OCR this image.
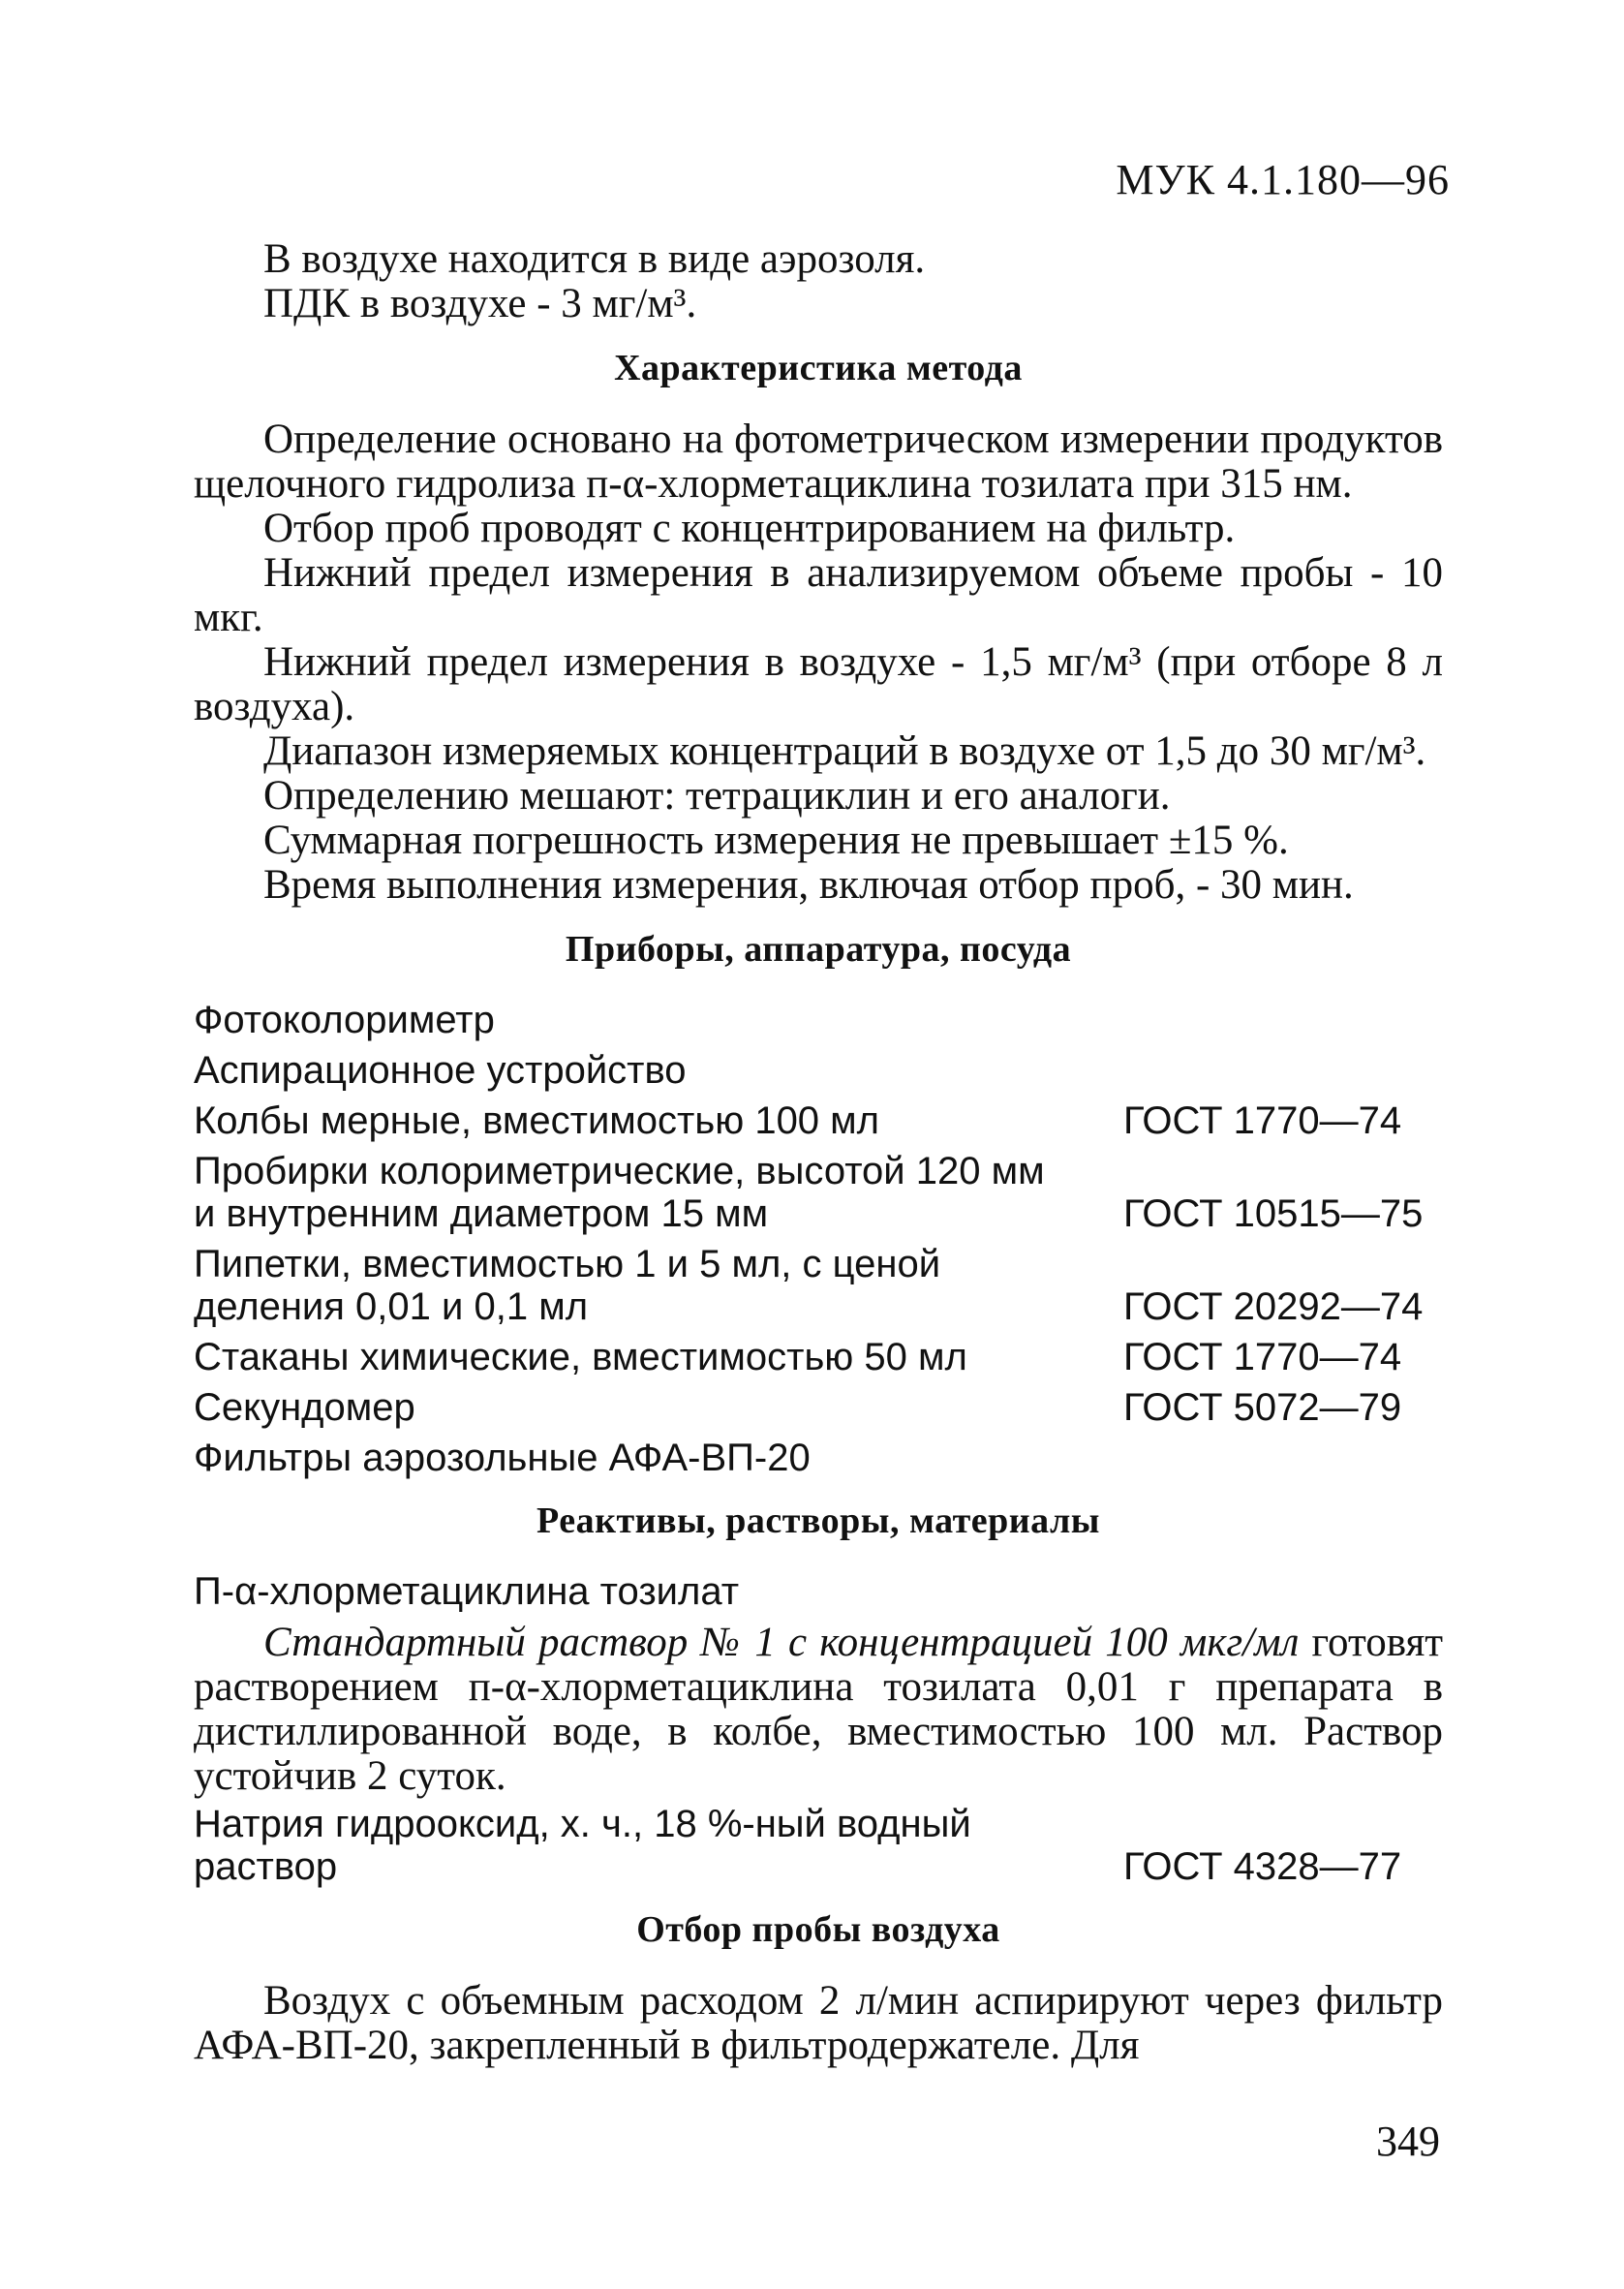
МУК 4.1.180—96

В воздухе находится в виде аэрозоля.

ПДК в воздухе - 3 мг/м³.

Характеристика метода

Определение основано на фотометрическом измерении продуктов щелочного гидролиза п-α-хлорметациклина тозилата при 315 нм.

Отбор проб проводят с концентрированием на фильтр.

Нижний предел измерения в анализируемом объеме пробы - 10 мкг.

Нижний предел измерения в воздухе - 1,5 мг/м³ (при отборе 8 л воздуха).

Диапазон измеряемых концентраций в воздухе от 1,5 до 30 мг/м³.

Определению мешают: тетрациклин и его аналоги.

Суммарная погрешность измерения не превышает ±15 %.

Время выполнения измерения, включая отбор проб, - 30 мин.

Приборы, аппаратура, посуда
Фотоколориметр
Аспирационное устройство
Колбы мерные, вместимостью 100 мл	ГОСТ 1770—74
Пробирки колориметрические, высотой 120 мм и внутренним диаметром 15 мм	ГОСТ 10515—75
Пипетки, вместимостью 1 и 5 мл, с ценой деления 0,01 и 0,1 мл	ГОСТ 20292—74
Стаканы химические, вместимостью 50 мл	ГОСТ 1770—74
Секундомер	ГОСТ 5072—79
Фильтры аэрозольные АФА-ВП-20
Реактивы, растворы, материалы
П-α-хлорметациклина тозилат

Стандартный раствор № 1 с концентрацией 100 мкг/мл готовят растворением п-α-хлорметациклина тозилата 0,01 г препарата в дистиллированной воде, в колбе, вместимостью 100 мл. Раствор устойчив 2 суток.

Натрия гидрооксид, х. ч., 18 %-ный водный раствор	ГОСТ 4328—77
Отбор пробы воздуха

Воздух с объемным расходом 2 л/мин аспирируют через фильтр АФА-ВП-20, закрепленный в фильтродержателе. Для

349
